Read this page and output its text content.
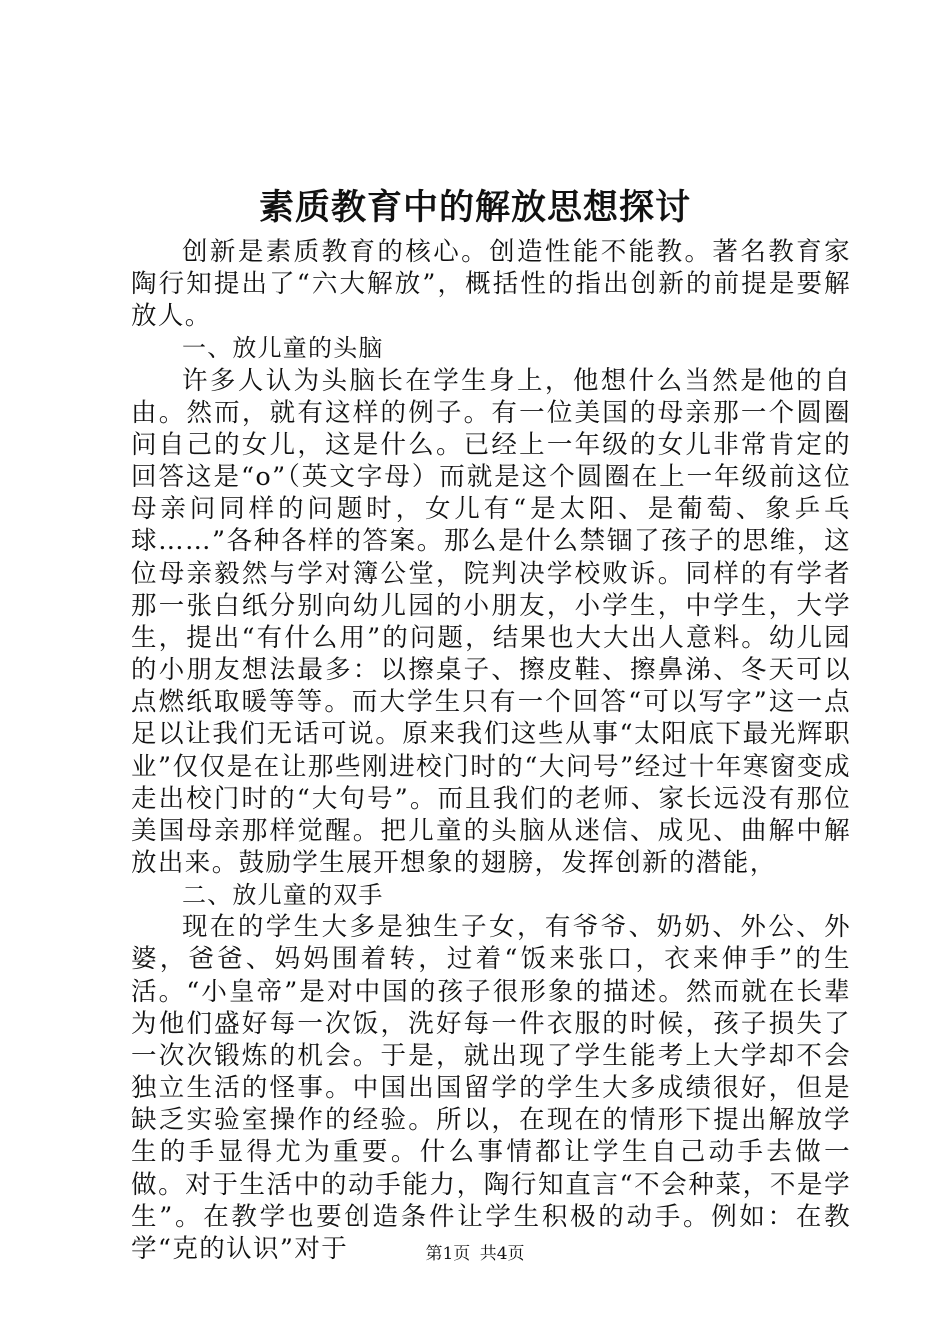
素质教育中的解放思想探讨

创新是素质教育的核心。创造性能不能教。著名教育家陶行知提出了“六大解放”，概括性的指出创新的前提是要解放人。

一、放儿童的头脑

许多人认为头脑长在学生身上，他想什么当然是他的自由。然而，就有这样的例子。有一位美国的母亲那一个圆圈问自己的女儿，这是什么。已经上一年级的女儿非常肯定的回答这是“o”（英文字母）而就是这个圆圈在上一年级前这位母亲问同样的问题时，女儿有“是太阳、是葡萄、象乒乓球……”各种各样的答案。那么是什么禁锢了孩子的思维，这位母亲毅然与学对簿公堂，院判决学校败诉。同样的有学者那一张白纸分别向幼儿园的小朋友，小学生，中学生，大学生，提出“有什么用”的问题，结果也大大出人意料。幼儿园的小朋友想法最多：以擦桌子、擦皮鞋、擦鼻涕、冬天可以点燃纸取暖等等。而大学生只有一个回答“可以写字”这一点足以让我们无话可说。原来我们这些从事“太阳底下最光辉职业”仅仅是在让那些刚进校门时的“大问号”经过十年寒窗变成走出校门时的“大句号”。而且我们的老师、家长远没有那位美国母亲那样觉醒。把儿童的头脑从迷信、成见、曲解中解放出来。鼓励学生展开想象的翅膀，发挥创新的潜能，

二、放儿童的双手

现在的学生大多是独生子女，有爷爷、奶奶、外公、外婆，爸爸、妈妈围着转，过着“饭来张口，衣来伸手”的生活。“小皇帝”是对中国的孩子很形象的描述。然而就在长辈为他们盛好每一次饭，洗好每一件衣服的时候，孩子损失了一次次锻炼的机会。于是，就出现了学生能考上大学却不会独立生活的怪事。中国出国留学的学生大多成绩很好，但是缺乏实验室操作的经验。所以，在现在的情形下提出解放学生的手显得尤为重要。什么事情都让学生自己动手去做一做。对于生活中的动手能力，陶行知直言“不会种菜，不是学生”。在教学也要创造条件让学生积极的动手。例如：在教学“克的认识”对于	第1页 共4页
